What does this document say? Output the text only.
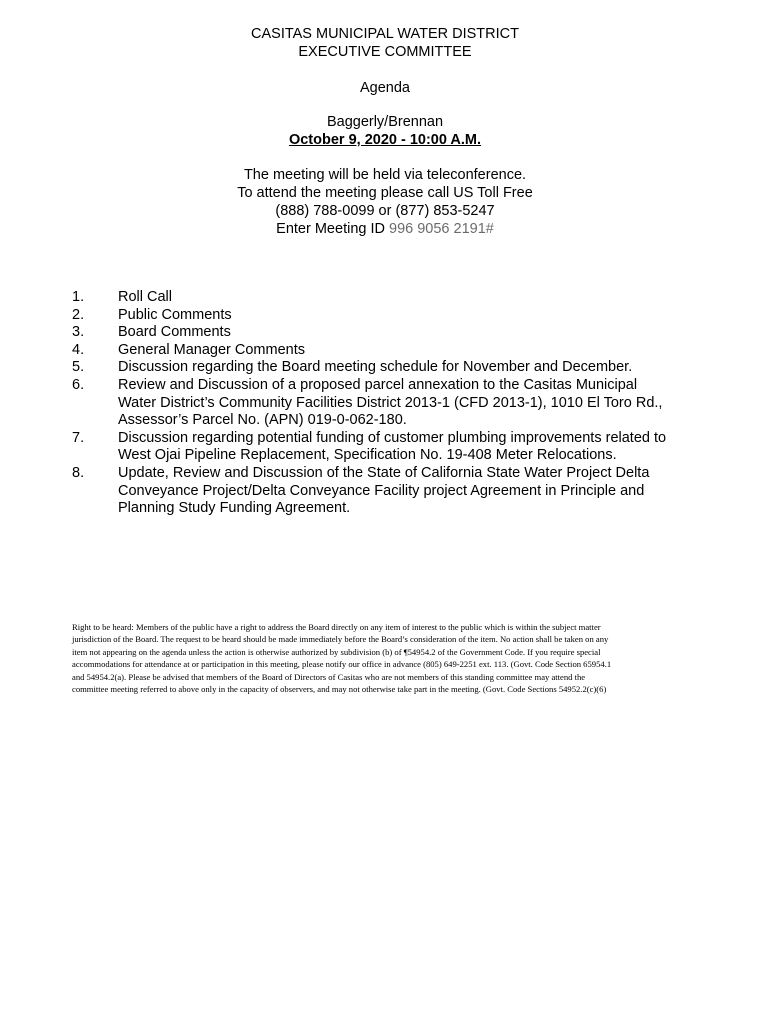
CASITAS MUNICIPAL WATER DISTRICT
EXECUTIVE COMMITTEE
Agenda
Baggerly/Brennan
October 9, 2020 - 10:00 A.M.
The meeting will be held via teleconference.
To attend the meeting please call US Toll Free
(888) 788-0099 or (877) 853-5247
Enter Meeting ID 996 9056 2191#
1.	Roll Call
2.	Public Comments
3.	Board Comments
4.	General Manager Comments
5.	Discussion regarding the Board meeting schedule for November and December.
6.	Review and Discussion of a proposed parcel annexation to the Casitas Municipal
Water District’s Community Facilities District 2013-1 (CFD 2013-1), 1010 El Toro Rd.,
Assessor’s Parcel No. (APN) 019-0-062-180.
7.	Discussion regarding potential funding of customer plumbing improvements related to
West Ojai Pipeline Replacement, Specification No. 19-408 Meter Relocations.
8.	Update, Review and Discussion of the State of California State Water Project Delta
Conveyance Project/Delta Conveyance Facility project Agreement in Principle and
Planning Study Funding Agreement.
Right to be heard: Members of the public have a right to address the Board directly on any item of interest to the public which is within the subject matter
jurisdiction of the Board. The request to be heard should be made immediately before the Board’s consideration of the item. No action shall be taken on any
item not appearing on the agenda unless the action is otherwise authorized by subdivision (b) of ¶54954.2 of the Government Code. If you require special
accommodations for attendance at or participation in this meeting, please notify our office in advance (805) 649-2251 ext. 113. (Govt. Code Section 65954.1
and 54954.2(a). Please be advised that members of the Board of Directors of Casitas who are not members of this standing committee may attend the
committee meeting referred to above only in the capacity of observers, and may not otherwise take part in the meeting. (Govt. Code Sections 54952.2(c)(6)
